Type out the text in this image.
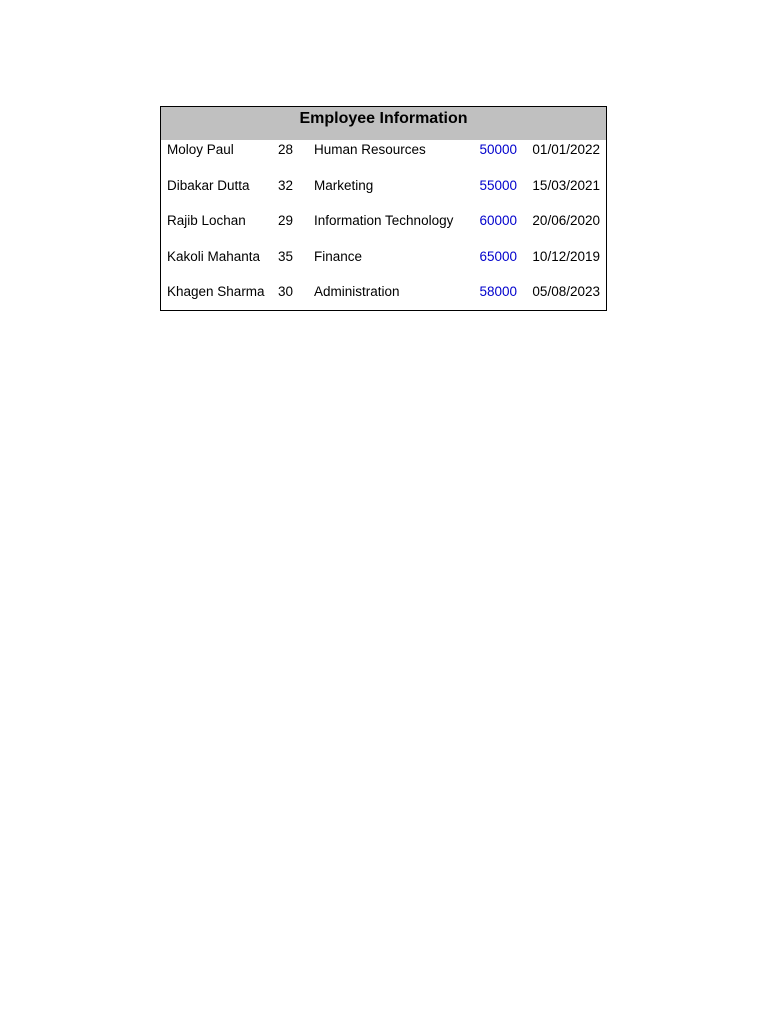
Employee Information
Moloy Paul	28	Human Resources	50000	01/01/2022
Dibakar Dutta	32	Marketing	55000	15/03/2021
Rajib Lochan	29	Information Technology	60000	20/06/2020
Kakoli Mahanta	35	Finance	65000	10/12/2019
Khagen Sharma	30	Administration	58000	05/08/2023
